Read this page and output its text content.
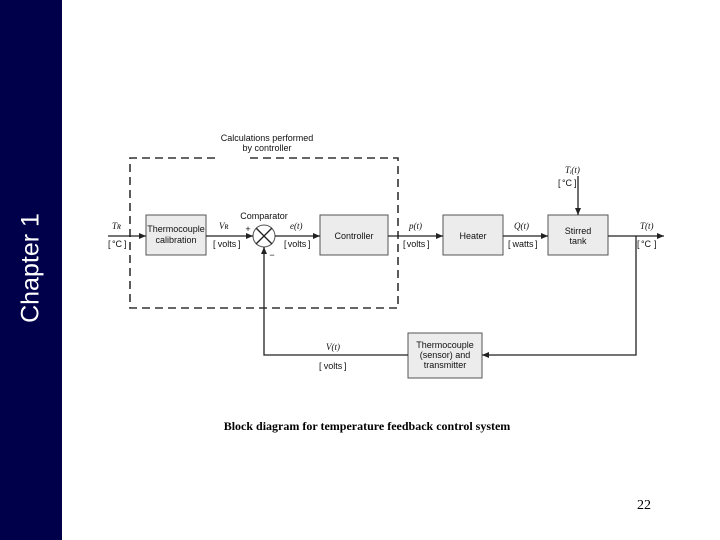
Chapter 1
Calculations performed
by controller
Thermocouple
calibration
Comparator
+
−
Controller	Heater	Stirred
tank
Thermocouple
(sensor) and
transmitter
Tʀ
°C
[ ]
Vʀ
volts
[ ]
e(t)
volts
[ ]
p(t)
volts
[ ]
Q(t)
watts
[	]
Tᵢ(t)
°C
[ ]
T(t)
°C
[ ]
V(t)
volts
[ ]
Block diagram for temperature feedback control system
22
